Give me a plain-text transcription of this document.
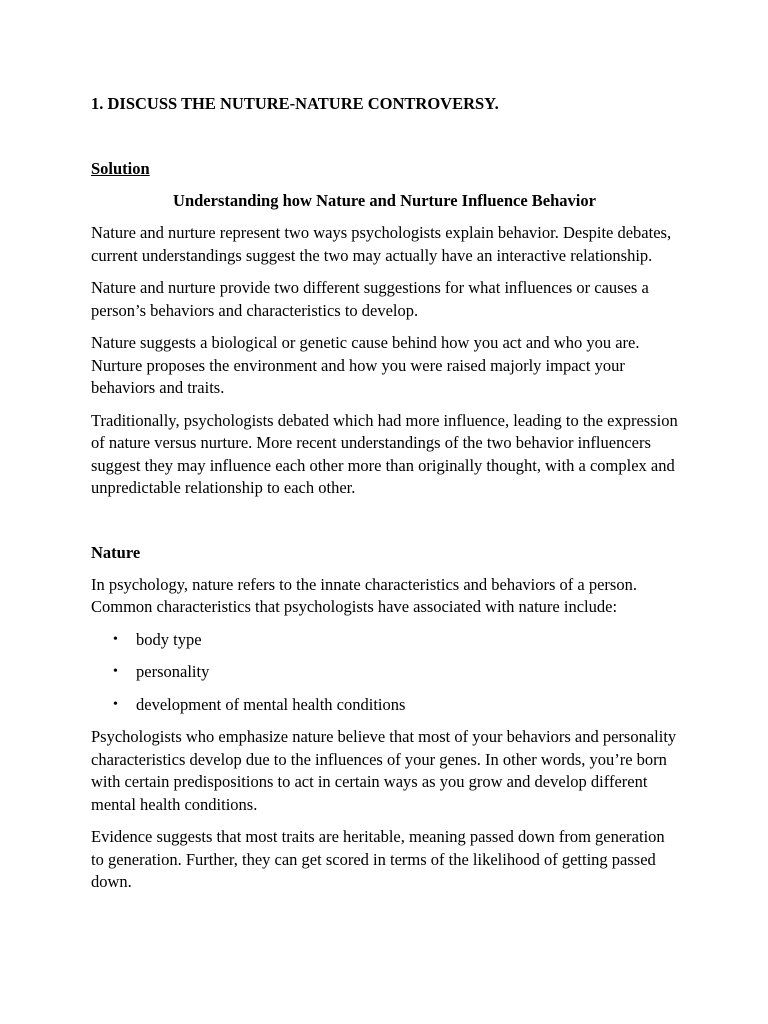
1. DISCUSS THE NUTURE-NATURE CONTROVERSY.

Solution

Understanding how Nature and Nurture Influence Behavior

Nature and nurture represent two ways psychologists explain behavior. Despite debates, current understandings suggest the two may actually have an interactive relationship.

Nature and nurture provide two different suggestions for what influences or causes a person’s behaviors and characteristics to develop.

Nature suggests a biological or genetic cause behind how you act and who you are. Nurture proposes the environment and how you were raised majorly impact your behaviors and traits.

Traditionally, psychologists debated which had more influence, leading to the expression of nature versus nurture. More recent understandings of the two behavior influencers suggest they may influence each other more than originally thought, with a complex and unpredictable relationship to each other.

Nature

In psychology, nature refers to the innate characteristics and behaviors of a person. Common characteristics that psychologists have associated with nature include:

• body type
• personality
• development of mental health conditions

Psychologists who emphasize nature believe that most of your behaviors and personality characteristics develop due to the influences of your genes. In other words, you’re born with certain predispositions to act in certain ways as you grow and develop different mental health conditions.

Evidence suggests that most traits are heritable, meaning passed down from generation to generation. Further, they can get scored in terms of the likelihood of getting passed down.
